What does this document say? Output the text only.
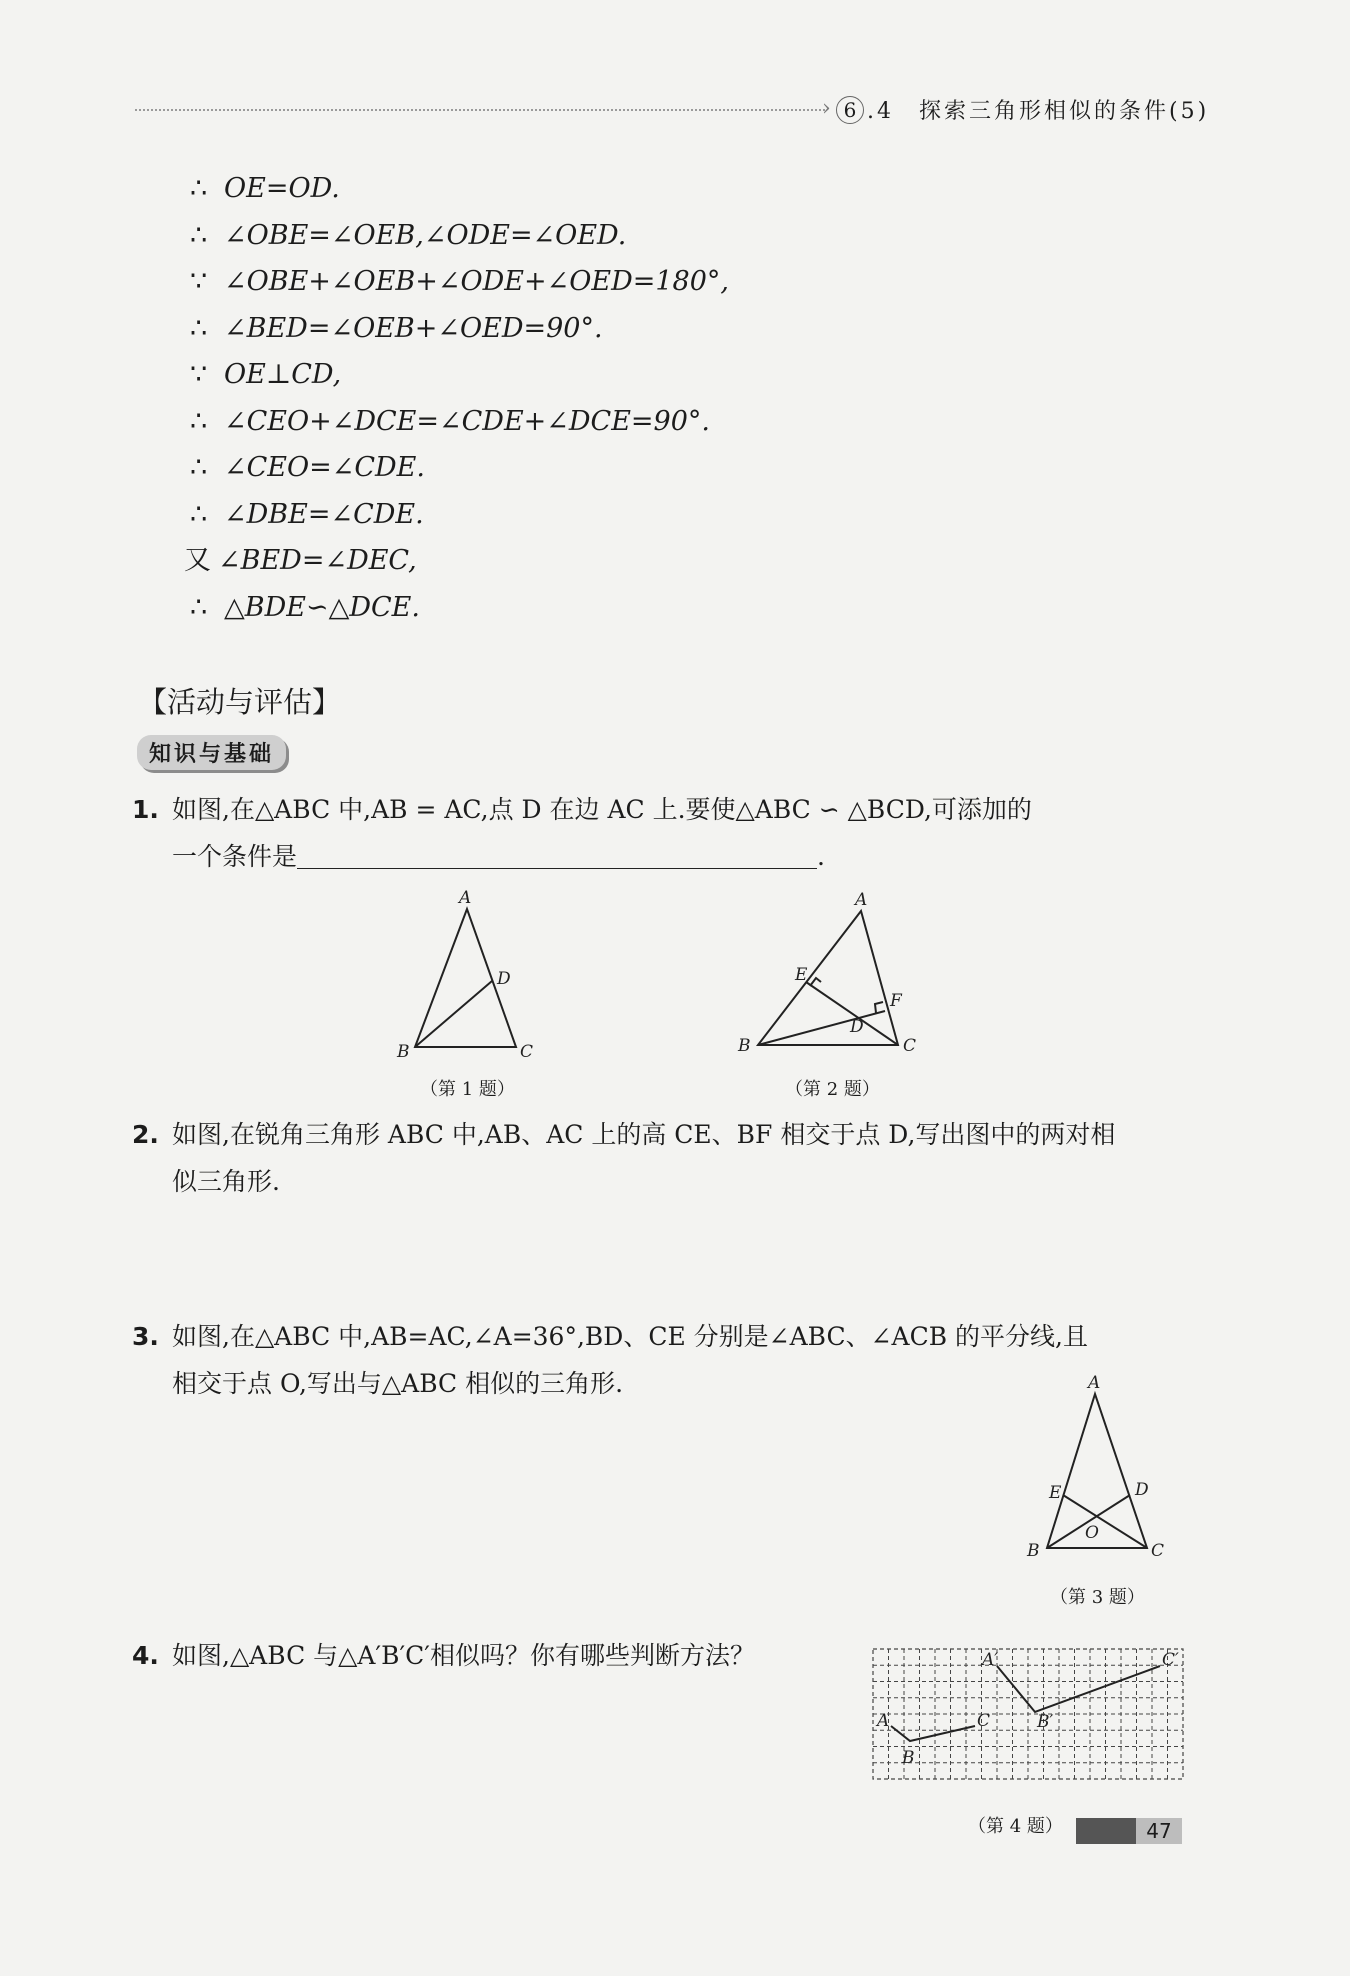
› 6 .4　探索三角形相似的条件(5)
∴ OE=OD.
∴ ∠OBE=∠OEB,∠ODE=∠OED.
∵ ∠OBE+∠OEB+∠ODE+∠OED=180°,
∴ ∠BED=∠OEB+∠OED=90°.
∵ OE⊥CD,
∴ ∠CEO+∠DCE=∠CDE+∠DCE=90°.
∴ ∠CEO=∠CDE.
∴ ∠DBE=∠CDE.
又 ∠BED=∠DEC,
∴ △BDE∽△DCE.
【活动与评估】
知识与基础
1. 如图,在△ABC 中,AB = AC,点 D 在边 AC 上.要使△ABC ∽ △BCD,可添加的
一个条件是	.
A
B	C
D
（第 1 题）
A
B	C
D
E
F
（第 2 题）
2. 如图,在锐角三角形 ABC 中,AB、AC 上的高 CE、BF 相交于点 D,写出图中的两对相
似三角形.
3. 如图,在△ABC 中,AB=AC,∠A=36°,BD、CE 分别是∠ABC、∠ACB 的平分线,且
相交于点 O,写出与△ABC 相似的三角形.	A
B	C
D
E
O
（第 3 题）
4. 如图,△ABC 与△A′B′C′相似吗？你有哪些判断方法？	A′	C′
B′
A	C
B
（第 4 题）	47
